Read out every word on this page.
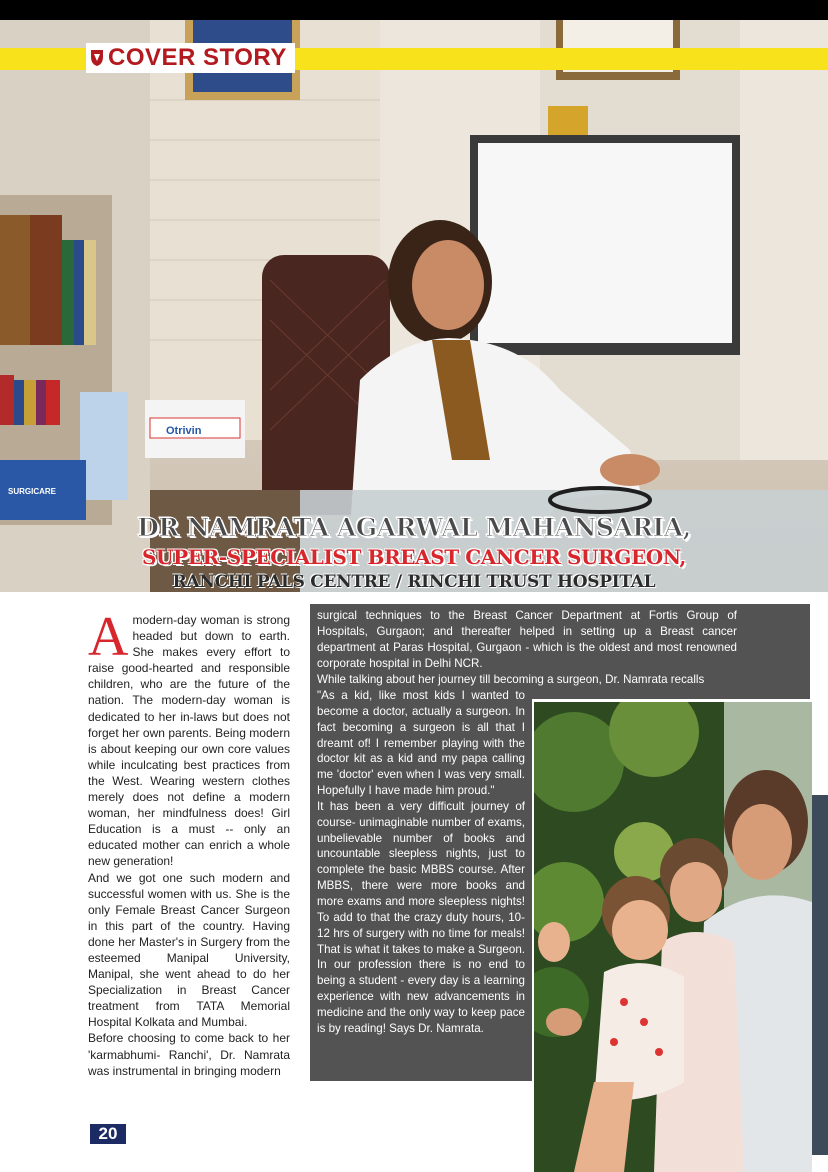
Otrivin
SURGICARE
COVER STORY
DR NAMRATA AGARWAL MAHANSARIA,
SUPER-SPECIALIST BREAST CANCER SURGEON,
RANCHI PALS CENTRE / RINCHI TRUST HOSPITAL
A modern-day woman is strong headed but down to earth. She makes every effort to raise good-hearted and responsible children, who are the future of the nation. The modern-day woman is dedicated to her in-laws but does not forget her own parents. Being modern is about keeping our own core values while inculcating best practices from the West. Wearing western clothes merely does not define a modern woman, her mindfulness does! Girl Education is a must -- only an educated mother can enrich a whole new generation!

And we got one such modern and successful women with us. She is the only Female Breast Cancer Surgeon in this part of the country. Having done her Master's in Surgery from the esteemed Manipal University, Manipal, she went ahead to do her Specialization in Breast Cancer treatment from TATA Memorial Hospital Kolkata and Mumbai.

Before choosing to come back to her 'karmabhumi- Ranchi', Dr. Namrata was instrumental in bringing modern

surgical techniques to the Breast Cancer Department at Fortis Group of Hospitals, Gurgaon; and thereafter helped in setting up a Breast cancer department at Paras Hospital, Gurgaon - which is the oldest and most renowned corporate hospital in Delhi NCR.

While talking about her journey till becoming a surgeon, Dr. Namrata recalls

"As a kid, like most kids I wanted to become a doctor, actually a surgeon. In fact becoming a surgeon is all that I dreamt of! I remember playing with the doctor kit as a kid and my papa calling me 'doctor' even when I was very small. Hopefully I have made him proud."

It has been a very difficult journey of course- unimaginable number of exams, unbelievable number of books and uncountable sleepless nights, just to complete the basic MBBS course. After MBBS, there were more books and more exams and more sleepless nights! To add to that the crazy duty hours, 10-12 hrs of surgery with no time for meals! That is what it takes to make a Surgeon. In our profession there is no end to being a student - every day is a learning experience with new advancements in medicine and the only way to keep pace is by reading! Says Dr. Namrata.

20
